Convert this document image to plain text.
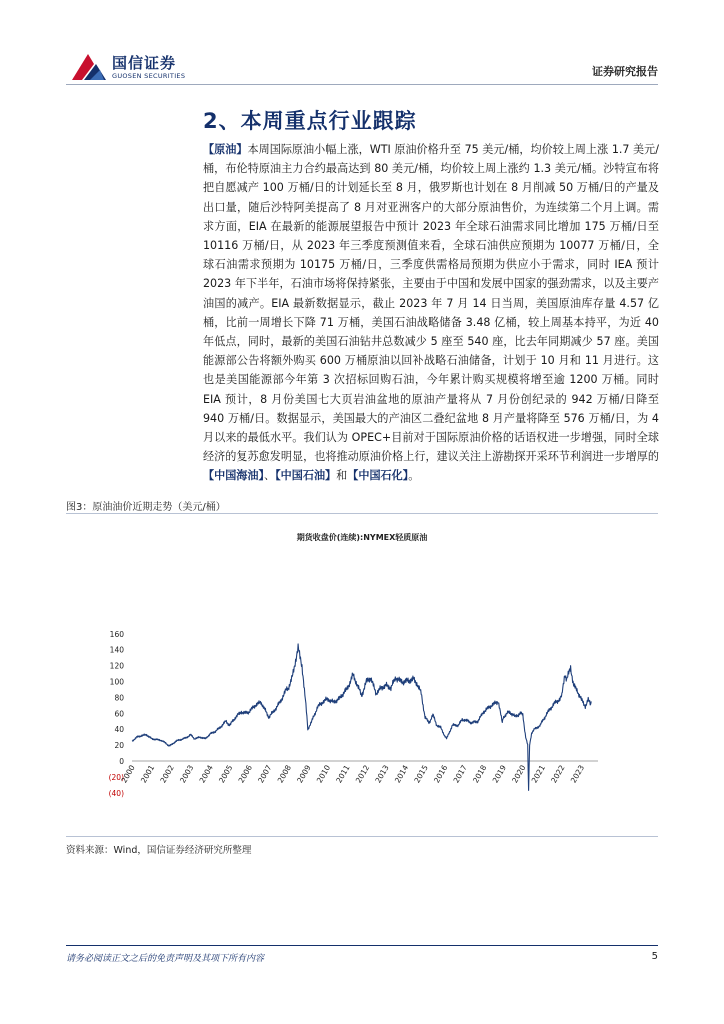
国信证券
GUOSEN SECURITIES	证券研究报告
2、本周重点行业跟踪
【原油】本周国际原油小幅上涨，WTI 原油价格升至 75 美元/桶，均价较上周上涨 1.7 美元/桶，布伦特原油主力合约最高达到 80 美元/桶，均价较上周上涨约 1.3 美元/桶。沙特宣布将把自愿减产 100 万桶/日的计划延长至 8 月，俄罗斯也计划在 8 月削减 50 万桶/日的产量及出口量，随后沙特阿美提高了 8 月对亚洲客户的大部分原油售价，为连续第二个月上调。需求方面，EIA 在最新的能源展望报告中预计 2023 年全球石油需求同比增加 175 万桶/日至 10116 万桶/日，从 2023 年三季度预测值来看，全球石油供应预期为 10077 万桶/日，全球石油需求预期为 10175 万桶/日，三季度供需格局预期为供应小于需求，同时 IEA 预计 2023 年下半年，石油市场将保持紧张，主要由于中国和发展中国家的强劲需求，以及主要产油国的减产。EIA 最新数据显示，截止 2023 年 7 月 14 日当周，美国原油库存量 4.57 亿桶，比前一周增长下降 71 万桶，美国石油战略储备 3.48 亿桶，较上周基本持平，为近 40 年低点，同时，最新的美国石油钻井总数减少 5 座至 540 座，比去年同期减少 57 座。美国能源部公告将额外购买 600 万桶原油以回补战略石油储备，计划于 10 月和 11 月进行。这也是美国能源部今年第 3 次招标回购石油，今年累计购买规模将增至逾 1200 万桶。同时 EIA 预计，8 月份美国七大页岩油盆地的原油产量将从 7 月份创纪录的 942 万桶/日降至 940 万桶/日。数据显示，美国最大的产油区二叠纪盆地 8 月产量将降至 576 万桶/日，为 4 月以来的最低水平。我们认为 OPEC+目前对于国际原油价格的话语权进一步增强，同时全球经济的复苏愈发明显，也将推动原油价格上行，建议关注上游勘探开采环节利润进一步增厚的【中国海油】、【中国石油】和【中国石化】。
图3：原油油价近期走势（美元/桶）
期货收盘价(连续):NYMEX轻质原油
160
140
120
100
80
60
40
20
0
(20)
(40)
2000 2001 2002 2003 2004 2005 2006 2007 2008 2009 2010 2011 2012 2013 2014 2015 2016 2017 2018 2019 2020 2021 2022 2023
资料来源：Wind，国信证券经济研究所整理
请务必阅读正文之后的免责声明及其项下所有内容	5
